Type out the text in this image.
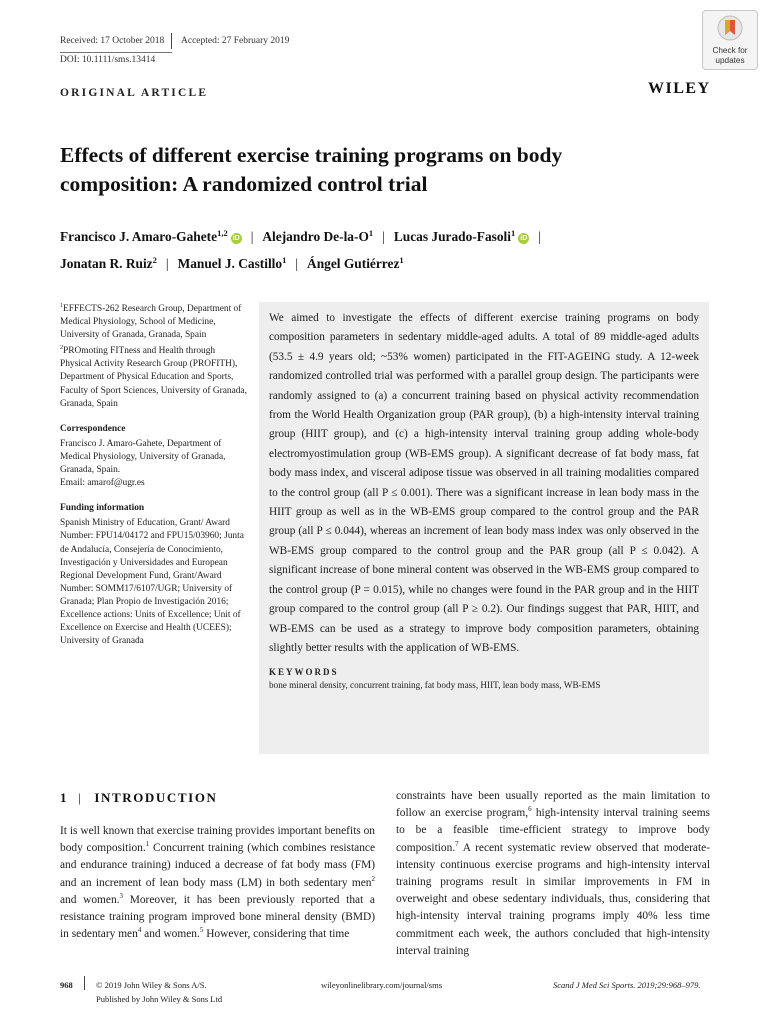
Received: 17 October 2018 Accepted: 27 February 2019
DOI: 10.1111/sms.13414
Check for
updates
WILEY
ORIGINAL ARTICLE
Effects of different exercise training programs on body composition: A randomized control trial
Francisco J. Amaro-Gahete$^{1,2}$iD | Alejandro $De-la-O^1$ | Lucas Jurado-Fasoli$^1$iD |
Jonatan R. Ruiz$^2$ | Manuel J. Castillo$^1$ | Ángel Gutiérrez$^1$

$^1$EFFECTS-262 Research Group, Department of Medical Physiology, School of Medicine, University of Granada, Granada, Spain

$^2$PROmoting FITness and Health through Physical Activity Research Group (PROFITH), Department of Physical Education and Sports, Faculty of Sport Sciences, University of Granada, Granada, Spain

Correspondence

Francisco J. Amaro-Gahete, Department of Medical Physiology, University of Granada, Granada, Spain.

Email: amarof@ugr.es

Funding information

Spanish Ministry of Education, Grant/ Award Number: FPU14/04172 and FPU15/03960; Junta de Andalucía, Consejería de Conocimiento, Investigación y Universidades and European Regional Development Fund, Grant/Award Number: SOMM17/6107/UGR; University of Granada; Plan Propio de Investigación 2016; Excellence actions: Units of Excellence; Unit of Excellence on Exercise and Health (UCEES); University of Granada

We aimed to investigate the effects of different exercise training programs on body composition parameters in sedentary middle-aged adults. A total of 89 middle-aged adults (53.5 ± 4.9 years old; ~53% women) participated in the FIT-AGEING study. A 12-week randomized controlled trial was performed with a parallel group design. The participants were randomly assigned to (a) a concurrent training based on physical activity recommendation from the World Health Organization group (PAR group), (b) a high-intensity interval training group (HIIT group), and (c) a high-intensity interval training group adding whole-body electromyostimulation group (WB-EMS group). A significant decrease of fat body mass, fat body mass index, and visceral adipose tissue was observed in all training modalities compared to the control group (all P ≤ 0.001). There was a significant increase in lean body mass in the HIIT group as well as in the WB-EMS group compared to the control group and the PAR group (all P ≤ 0.044), whereas an increment of lean body mass index was only observed in the WB-EMS group compared to the control group and the PAR group (all P ≤ 0.042). A significant increase of bone mineral content was observed in the WB-EMS group compared to the control group (P = 0.015), while no changes were found in the PAR group and in the HIIT group compared to the control group (all P ≥ 0.2). Our findings suggest that PAR, HIIT, and WB-EMS can be used as a strategy to improve body composition parameters, obtaining slightly better results with the application of WB-EMS.

KEYWORDS
bone mineral density, concurrent training, fat body mass, HIIT, lean body mass, WB-EMS
1 | INTRODUCTION

It is well known that exercise training provides important benefits on body composition.$^1$ Concurrent training (which combines resistance and endurance training) induced a decrease of fat body mass (FM) and an increment of lean body mass (LM) in both sedentary men$^2$ and women.$^3$ Moreover, it has been previously reported that a resistance training program improved bone mineral density (BMD) in sedentary men$^4$ and women.$^5$ However, considering that time

constraints have been usually reported as the main limitation to follow an exercise program,$^6$ high-intensity interval training seems to be a feasible time-efficient strategy to improve body composition.$^7$ A recent systematic review observed that moderate-intensity continuous exercise programs and high-intensity interval training programs result in similar improvements in FM in overweight and obese sedentary individuals, thus, considering that high-intensity interval training programs imply 40% less time commitment each week, the authors concluded that high-intensity interval training

968	© 2019 John Wiley & Sons A/S.
Published by John Wiley & Sons Ltd
wileyonlinelibrary.com/journal/sms	Scand J Med Sci Sports. 2019;29:968–979.
